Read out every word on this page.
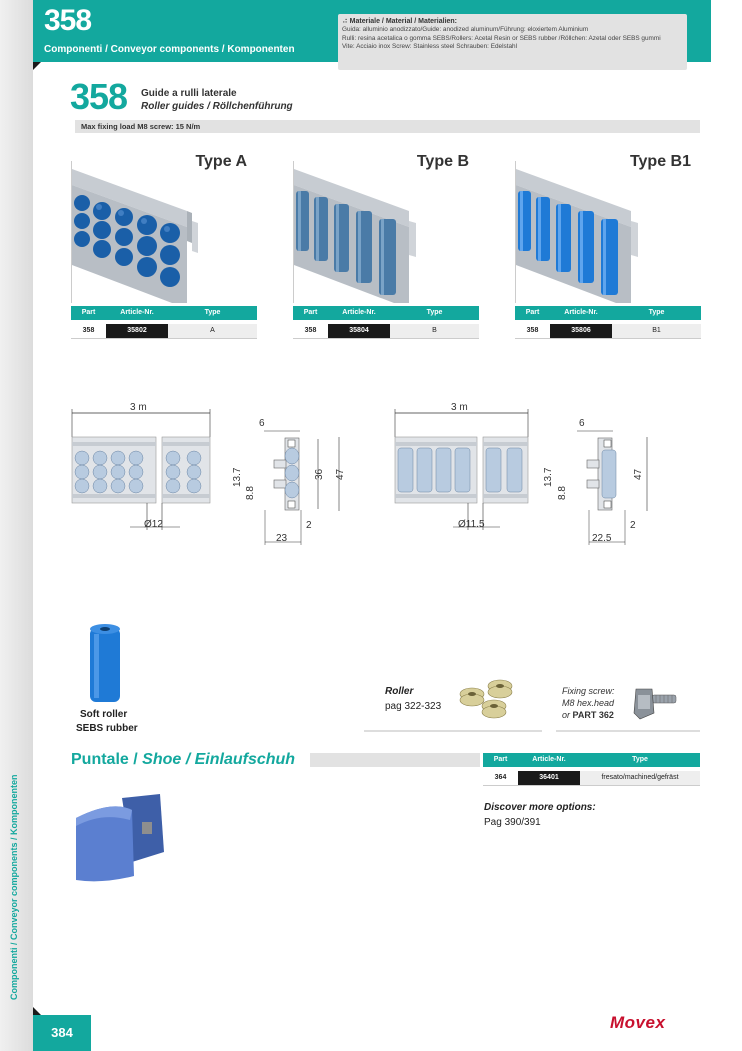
Componenti / Conveyor components / Komponenten
384
358
Componenti / Conveyor components / Komponenten
⠴ Materiale / Material / Materialien:
Guida: alluminio anodizzato/Guide: anodized aluminum/Führung: eloxiertem Aluminium
Rulli: resina acetalica o gomma SEBS/Rollers: Acetal Resin or SEBS rubber /Röllchen: Azetal oder SEBS gummi
Vite: Acciaio inox Screw: Stainless steel Schrauben: Edelstahl
358 Guide a rulli laterale
Roller guides / Röllchenführung
Max fixing load M8 screw: 15 N/m
Type A
Part	Article-Nr.	Type
358	35802	A
Type B
Part	Article-Nr.	Type
358	35804	B
Type B1
Part	Article-Nr.	Type
358	35806	B1
3 m
Ø12
6
13.7
8.8
36 47
23
2
3 m
Ø11.5
6
13.7
8.8
47
22.5
2
Soft roller
SEBS rubber
Roller
pag 322-323
Fixing screw:
M8 hex.head
or PART 362
Puntale / Shoe / Einlaufschuh	Part	Article-Nr.	Type
364	36401	fresato/machined/gefräst
Discover more options:
Pag 390/391
Movex
